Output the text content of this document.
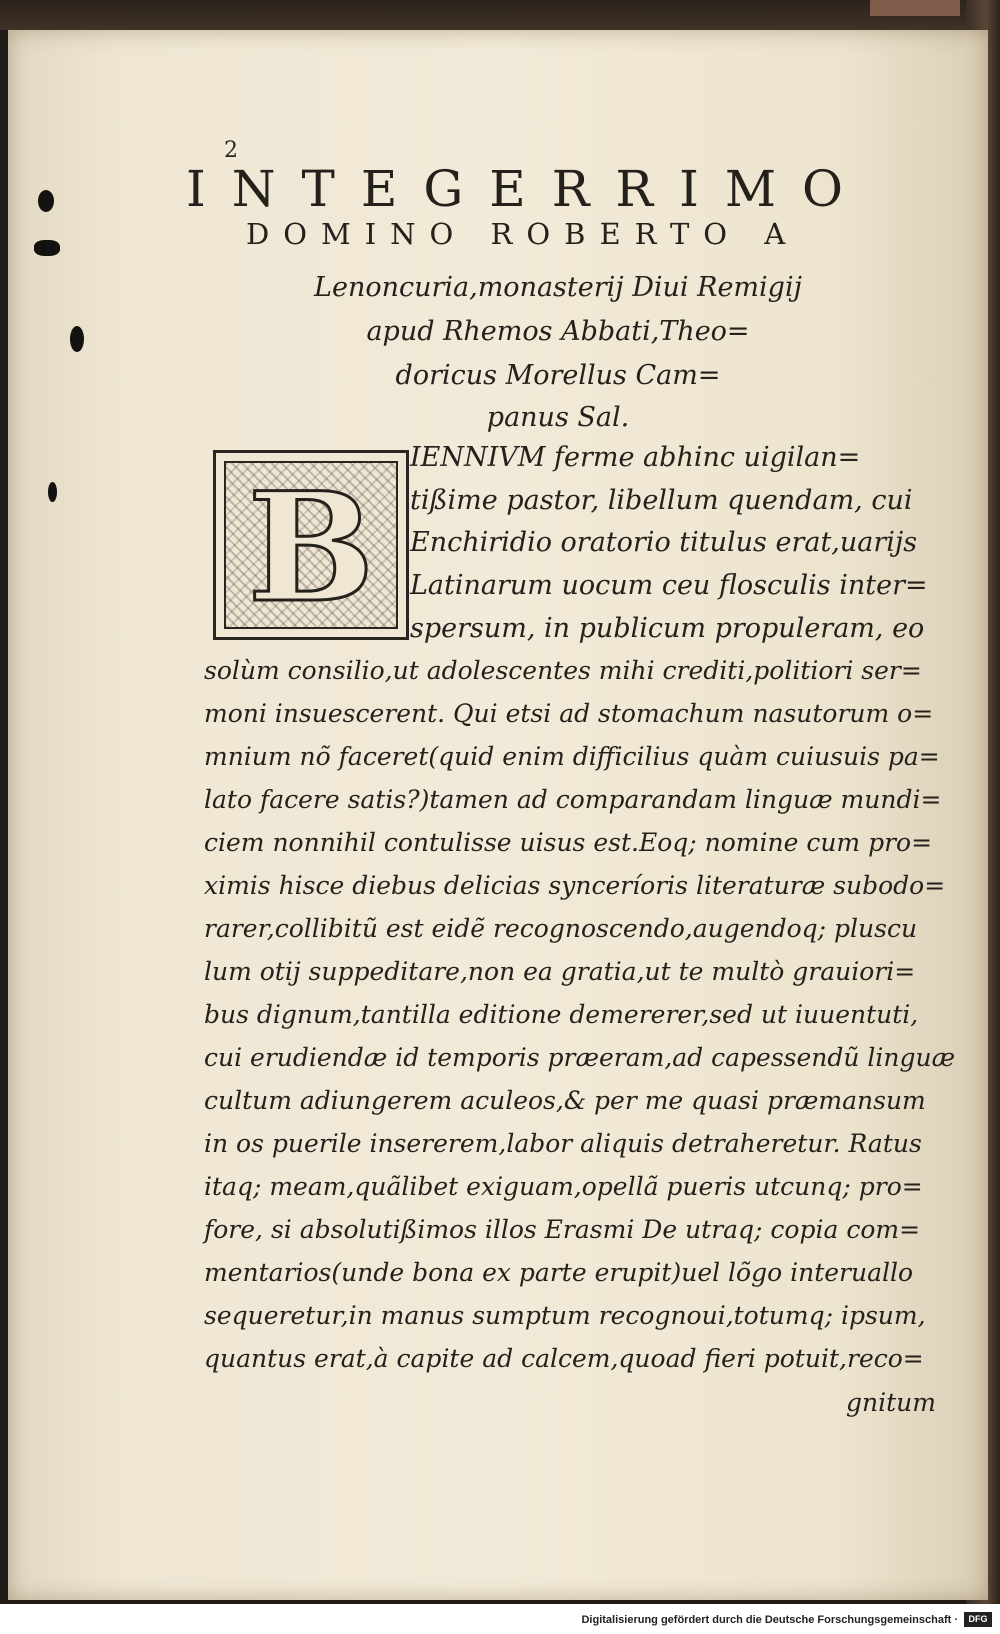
2
INTEGERRIMO
DOMINO ROBERTO A
Lenoncuria,monasterij Diui Remigij
apud Rhemos Abbati,Theo=
doricus Morellus Cam=
panus Sal.
B
IENNIVM ferme abhinc uigilan=
tißime pastor, libellum quendam, cui
Enchiridio oratorio titulus erat,uarijs
Latinarum uocum ceu flosculis inter=
spersum, in publicum propuleram, eo
solùm consilio,ut adolescentes mihi crediti,politiori ser=
moni insuescerent. Qui etsi ad stomachum nasutorum o=
mnium nõ faceret(quid enim difficilius quàm cuiusuis pa=
lato facere satis?)tamen ad comparandam linguæ mundi=
ciem nonnihil contulisse uisus est.Eoq; nomine cum pro=
ximis hisce diebus delicias synceríoris literaturæ subodo=
rarer,collibitũ est eidẽ recognoscendo,augendoq; pluscu
lum otij suppeditare,non ea gratia,ut te multò grauiori=
bus dignum,tantilla editione demererer,sed ut iuuentuti,
cui erudiendæ id temporis præeram,ad capessendũ linguæ
cultum adiungerem aculeos,& per me quasi præmansum
in os puerile insererem,labor aliquis detraheretur. Ratus
itaq; meam,quãlibet exiguam,opellã pueris utcunq; pro=
fore, si absolutißimos illos Erasmi De utraq; copia com=
mentarios(unde bona ex parte erupit)uel lõgo interuallo
sequeretur,in manus sumptum recognoui,totumq; ipsum,
quantus erat,à capite ad calcem,quoad fieri potuit,reco=
gnitum
Digitalisierung gefördert durch die Deutsche Forschungsgemeinschaft ·	DFG
